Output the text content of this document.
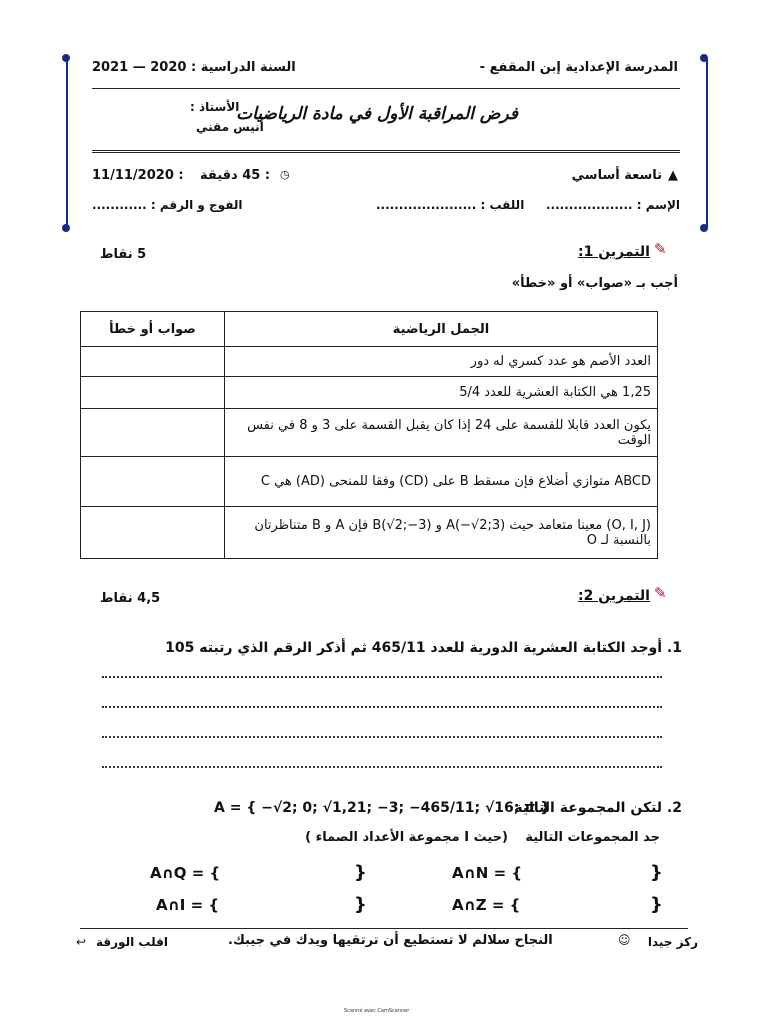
المدرسة الإعدادية إبن المقفع -
السنة الدراسية : 2020 — 2021
فرض المراقبة الأول في مادة الرياضيات
الأستاذ :
أنيس مقني
▲
تاسعة أساسي
◷
: 45 دقيقة
11/11/2020 :
الإسم : ...................
اللقب : ......................
الفوج و الرقم : ............
✎
التمرين 1:
5 نقاط
أجب بـ «صواب» أو «خطأ»
الجمل الرياضية	صواب أو خطأ
العدد الأصم هو عدد كسري له دور	
1,25 هي الكتابة العشرية للعدد 5/4	
يكون العدد قابلا للقسمة على 24 إذا كان يقبل القسمة على 3 و 8 في نفس الوقت	
ABCD متوازي أضلاع فإن مسقط B على (CD) وفقا للمنحى (AD) هي C	
(O, I, J) معينا متعامد حيث A(−√2;3) و B(√2;−3) فإن A و B متناظرتان بالنسبة لـ O	
✎
التمرين 2:
4,5 نقاط
1. أوجد الكتابة العشرية الدورية للعدد 465/11 ثم أذكر الرقم الذي رتبته 105
2. لتكن المجموعة التالية
A = { −√2; 0; √1,21; −3; −465/11; √16; π }
جد المجموعات التالية
(حيث I مجموعة الأعداد الصماء )
A∩N = {	}
A∩Q = {	}
A∩Z = {	}
A∩I = {	}
↩ اقلب الورقة	النجاح سلالم لا تستطيع أن ترتقيها ويدك في جيبك.	☺ ركز جيدا
Scanné avec CamScanner
